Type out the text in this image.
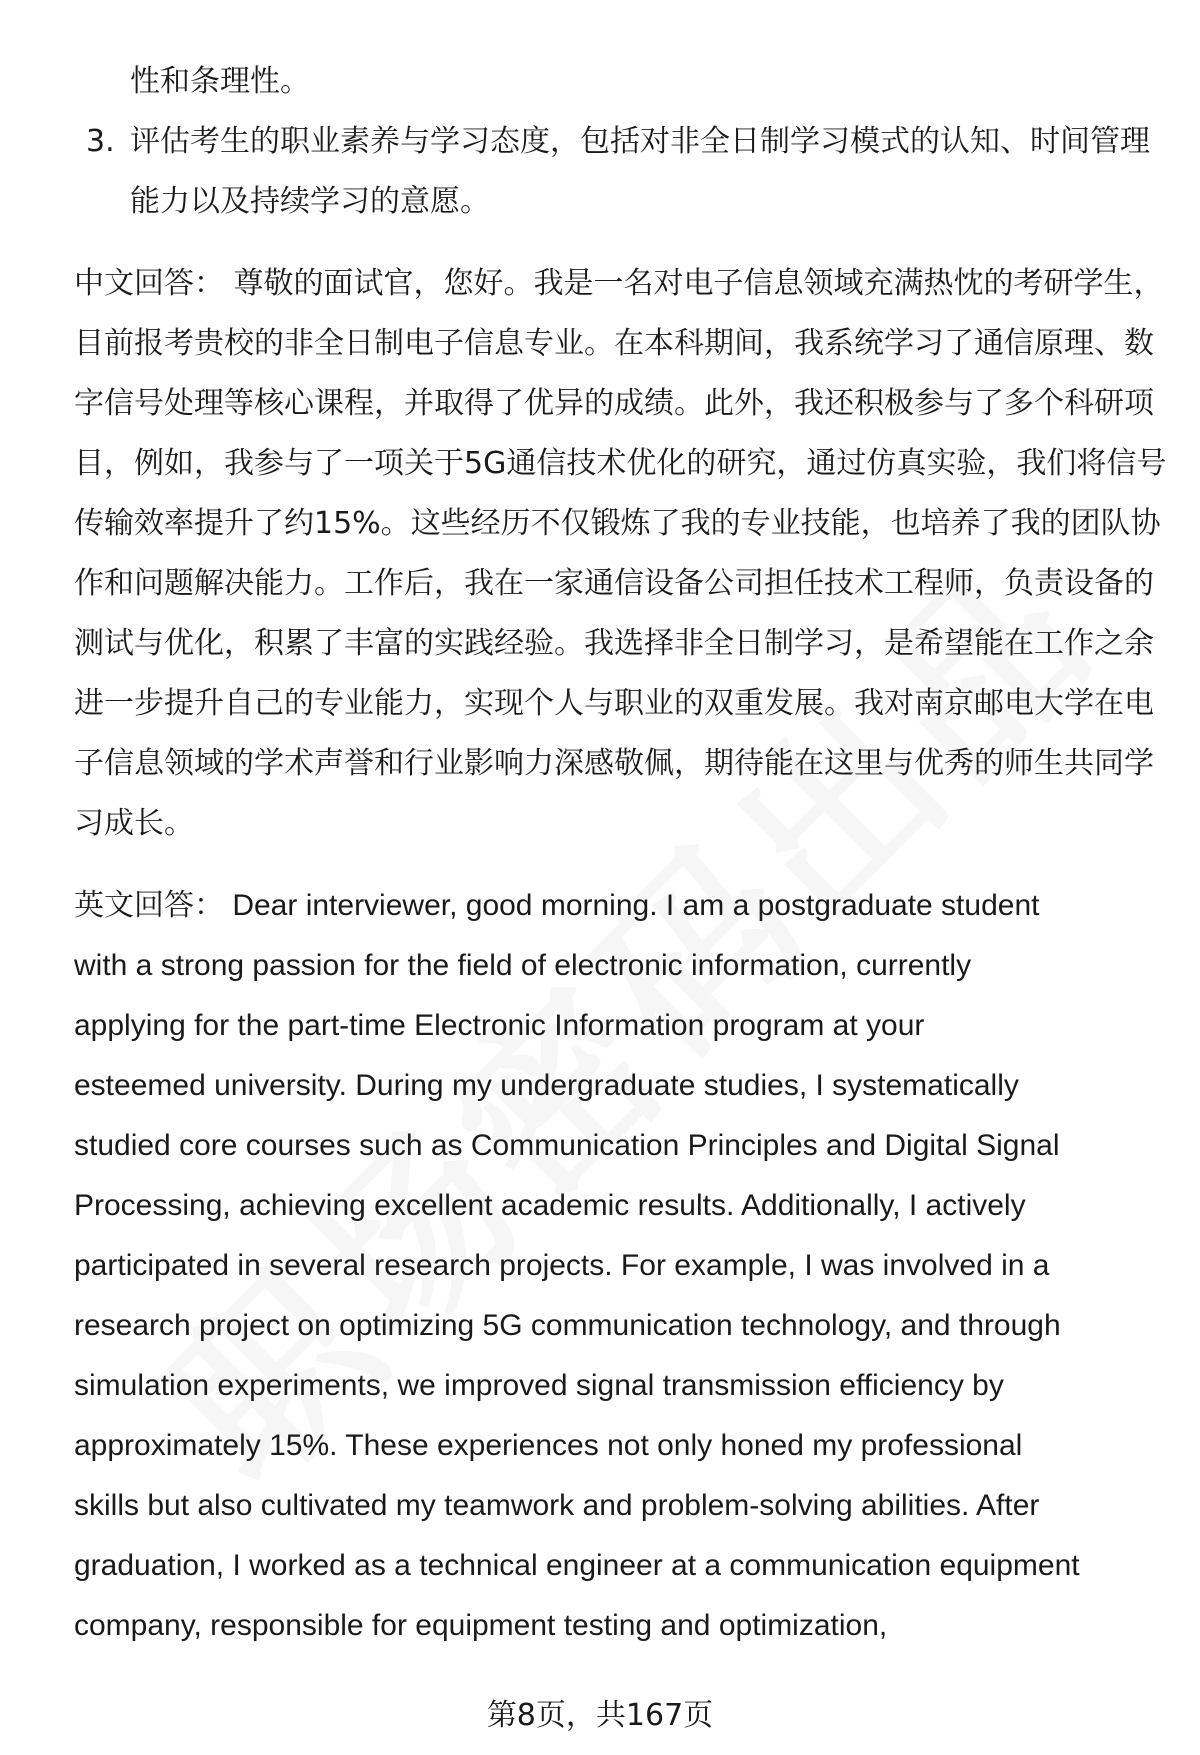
性和条理性。
3. 评估考生的职业素养与学习态度，包括对非全日制学习模式的认知、时间管理
能力以及持续学习的意愿。
中文回答： 尊敬的面试官，您好。我是一名对电子信息领域充满热忱的考研学生，
目前报考贵校的非全日制电子信息专业。在本科期间，我系统学习了通信原理、数
字信号处理等核心课程，并取得了优异的成绩。此外，我还积极参与了多个科研项
目，例如，我参与了一项关于5G通信技术优化的研究，通过仿真实验，我们将信号
传输效率提升了约15%。这些经历不仅锻炼了我的专业技能，也培养了我的团队协
作和问题解决能力。工作后，我在一家通信设备公司担任技术工程师，负责设备的
测试与优化，积累了丰富的实践经验。我选择非全日制学习，是希望能在工作之余
进一步提升自己的专业能力，实现个人与职业的双重发展。我对南京邮电大学在电
子信息领域的学术声誉和行业影响力深感敬佩，期待能在这里与优秀的师生共同学
习成长。
英文回答： Dear interviewer, good morning. I am a postgraduate student
with a strong passion for the field of electronic information, currently
applying for the part-time Electronic Information program at your
esteemed university. During my undergraduate studies, I systematically
studied core courses such as Communication Principles and Digital Signal
Processing, achieving excellent academic results. Additionally, I actively
participated in several research projects. For example, I was involved in a
research project on optimizing 5G communication technology, and through
simulation experiments, we improved signal transmission efficiency by
approximately 15%. These experiences not only honed my professional
skills but also cultivated my teamwork and problem-solving abilities. After
graduation, I worked as a technical engineer at a communication equipment
company, responsible for equipment testing and optimization,
第8页，共167页
